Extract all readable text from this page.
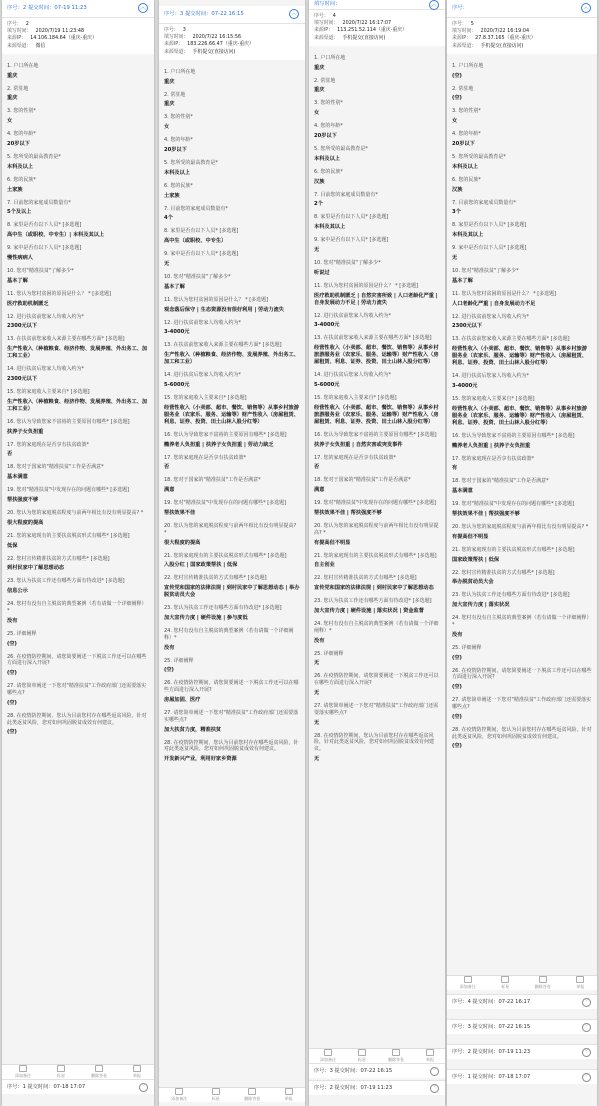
序号：2 提交时间：07-19 11:23	︿
序号： 2
填写时间： 2020/7/19 11:23:48
来源IP： 14.106.184.64（重庆-重庆）
来源渠道： 微信
1. 户口所在地
重庆
2. 常驻地
重庆
3. 您的性别*
女
4. 您的年龄*
20岁以下
5. 您所受的最高教育是*
本科及以上
6. 您的民族*
土家族
7. 目前您的家庭成员数量有*
5个及以上
8. 家里是否有以下人员* [多选题]
高中生（或职校、中专生）| 本科及其以上
9. 家中是否有以下人员* [多选题]
慢性病病人
10. 您对"精准扶贫"了解多少*
基本了解
11. 您认为您村贫困的原因是什么？ * [多选题]
医疗救助机制匮乏
12. 进行扶贫前您家人均收入约为*
2300元以下
13. 在扶贫前您家收入来源主要在哪些方面* [多选题]
生产性收入（种植粮食、经济作物、发展养殖、外出务工、加工和工业）
14. 进行扶贫后您家人均收入约为*
2300元以下
15. 您的家庭收入主要来自* [多选题]
生产性收入（种植粮食、经济作物、发展养殖、外出务工、加工和工业）
16. 您认为导致您家不富裕的主要原因有哪些* [多选题]
扶养子女负担重
17. 您的家庭现在是否享有扶贫政策*
否
18. 您对于国家的"精准扶贫"工作是否满意*
基本满意
19. 您对"精准扶贫"中发现存在的问题有哪些* [多选题]
帮扶强度不够
20. 您认为您的家庭脱贫程度与前两年相比有没有明显提高? *
很大程度的提高
21. 您的家庭现有的主要扶贫脱贫形式有哪些* [多选题]
低保
22. 您村宣传精准扶贫的方式有哪些* [多选题]
到村民家中了解思想动态
23. 您认为扶贫工作还有哪些方面有待改进* [多选题]
信息公示
24. 您村有没有自主脱贫的典型案例（若有请做一个详细阐释）*
没有
25. 详细阐释
(空)
26. 在疫情防控期间，请您简要阐述一下脱贫工作还可以在哪些方面进行深入开展?
(空)
27. 请您简单阐述一下您对"精准扶贫"工作政府部门还需要落实哪些点?
(空)
28. 在疫情防控期间，您认为目前您村存在哪些返贫风险，针对此类返贫风险，您对如何巩固脱贫成效有何建议。
(空)
添加备注	标星	删除答卷	举报
序号：1 提交时间：07-18 17:07	﹀
序号：3 提交时间：07-22 16:15	︿
序号： 3
填写时间： 2020/7/22 16:15:56
来源IP： 183.226.66.47（重庆-重庆）
来源渠道： 手机提交(直接访问)
1. 户口所在地
重庆
2. 常驻地
重庆
3. 您的性别*
女
4. 您的年龄*
20岁以下
5. 您所受的最高教育是*
本科及以上
6. 您的民族*
土家族
7. 目前您的家庭成员数量有*
4个
8. 家里是否有以下人员* [多选题]
高中生（或职校、中专生）
9. 家中是否有以下人员* [多选题]
无
10. 您对"精准扶贫"了解多少*
基本了解
11. 您认为您村贫困的原因是什么？ * [多选题]
观念落后保守 | 生态资源没有很好利用 | 劳动力流失
12. 进行扶贫前您家人均收入约为*
3-4000元
13. 在扶贫前您家收入来源主要在哪些方面* [多选题]
生产性收入（种植粮食、经济作物、发展养殖、外出务工、加工和工业）
14. 进行扶贫后您家人均收入约为*
5-6000元
15. 您的家庭收入主要来自* [多选题]
经营性收入（小卖部、超市、餐饮、销售等）从事乡村旅游服务业（农家乐、服务、运输等）财产性收入（房屋租赁、利息、证券、投资、田土山林入股分红等）
16. 您认为导致您家不富裕的主要原因有哪些* [多选题]
赡养老人负担重 | 扶养子女负担重 | 劳动力缺乏
17. 您的家庭现在是否享有扶贫政策*
否
18. 您对于国家的"精准扶贫"工作是否满意*
满意
19. 您对"精准扶贫"中发现存在的问题有哪些* [多选题]
帮扶效果不佳
20. 您认为您的家庭脱贫程度与前两年相比有没有明显提高? *
很大程度的提高
21. 您的家庭现有的主要扶贫脱贫形式有哪些* [多选题]
入股分红 | 国家政策帮扶 | 低保
22. 您村宣传精准扶贫的方式有哪些* [多选题]
宣传党和国家的法律法规 | 到村民家中了解思想动态 | 举办脱贫动员大会
23. 您认为扶贫工作还有哪些方面有待改进* [多选题]
加大宣传力度 | 硬件设施 | 参与度低
24. 您村有没有自主脱贫的典型案例（若有请做一个详细阐释）*
没有
25. 详细阐释
(空)
26. 在疫情防控期间，请您简要阐述一下脱贫工作还可以在哪些方面进行深入开展?
房屋加固、医疗
27. 请您简单阐述一下您对"精准扶贫"工作政府部门还需要落实哪些点?
加大扶贫力度，精准扶贫
28. 在疫情防控期间，您认为目前您村存在哪些返贫风险，针对此类返贫风险，您对如何巩固脱贫成效有何建议。
开发新兴产业，利用好家乡资源
添加备注	标星	删除答卷	举报
填写时间：	︿
序号： 4
填写时间： 2020/7/22 16:17:07
来源IP： 113.251.52.114（重庆-重庆）
来源渠道： 手机提交(直接访问)
1. 户口所在地
重庆
2. 常驻地
重庆
3. 您的性别*
女
4. 您的年龄*
20岁以下
5. 您所受的最高教育是*
本科及以上
6. 您的民族*
汉族
7. 目前您的家庭成员数量有*
2个
8. 家里是否有以下人员* [多选题]
本科及其以上
9. 家中是否有以下人员* [多选题]
无
10. 您对"精准扶贫"了解多少*
听说过
11. 您认为您村贫困的原因是什么？ * [多选题]
医疗救助机制匮乏 | 自然灾害所致 | 人口老龄化严重 | 自身发展动力不足 | 劳动力流失
12. 进行扶贫前您家人均收入约为*
3-4000元
13. 在扶贫前您家收入来源主要在哪些方面* [多选题]
经营性收入（小卖部、超市、餐饮、销售等）从事乡村旅游服务业（农家乐、服务、运输等）财产性收入（房屋租赁、利息、证券、投资、田土山林入股分红等）
14. 进行扶贫后您家人均收入约为*
5-6000元
15. 您的家庭收入主要来自* [多选题]
经营性收入（小卖部、超市、餐饮、销售等）从事乡村旅游服务业（农家乐、服务、运输等）财产性收入（房屋租赁、利息、证券、投资、田土山林入股分红等）
16. 您认为导致您家不富裕的主要原因有哪些* [多选题]
扶养子女负担重 | 自然灾害或突发事件
17. 您的家庭现在是否享有扶贫政策*
否
18. 您对于国家的"精准扶贫"工作是否满意*
满意
19. 您对"精准扶贫"中发现存在的问题有哪些* [多选题]
帮扶效果不佳 | 帮扶强度不够
20. 您认为您的家庭脱贫程度与前两年相比有没有明显提高? *
有提高但不明显
21. 您的家庭现有的主要扶贫脱贫形式有哪些* [多选题]
自主创业
22. 您村宣传精准扶贫的方式有哪些* [多选题]
宣传党和国家的法律法规 | 到村民家中了解思想动态
23. 您认为扶贫工作还有哪些方面有待改进* [多选题]
加大宣传力度 | 硬件设施 | 落实状况 | 资金监督
24. 您村有没有自主脱贫的典型案例（若有请做一个详细阐释）*
没有
25. 详细阐释
无
26. 在疫情防控期间，请您简要阐述一下脱贫工作还可以在哪些方面进行深入开展?
无
27. 请您简单阐述一下您对"精准扶贫"工作政府部门还需要落实哪些点?
无
28. 在疫情防控期间，您认为目前您村存在哪些返贫风险，针对此类返贫风险，您对如何巩固脱贫成效有何建议。
无
添加备注	标星	删除答卷	举报
序号：3 提交时间：07-22 16:15	﹀
序号：2 提交时间：07-19 11:23	﹀
序号：	︿
序号： 5
填写时间： 2020/7/22 16:19:04
来源IP： 27.8.37.165（重庆-重庆）
来源渠道： 手机提交(直接访问)
1. 户口所在地
(空)
2. 常驻地
(空)
3. 您的性别*
女
4. 您的年龄*
20岁以下
5. 您所受的最高教育是*
本科及以上
6. 您的民族*
汉族
7. 目前您的家庭成员数量有*
3个
8. 家里是否有以下人员* [多选题]
本科及其以上
9. 家中是否有以下人员* [多选题]
无
10. 您对"精准扶贫"了解多少*
基本了解
11. 您认为您村贫困的原因是什么？ * [多选题]
人口老龄化严重 | 自身发展动力不足
12. 进行扶贫前您家人均收入约为*
2300元以下
13. 在扶贫前您家收入来源主要在哪些方面* [多选题]
经营性收入（小卖部、超市、餐饮、销售等）从事乡村旅游服务业（农家乐、服务、运输等）财产性收入（房屋租赁、利息、证券、投资、田土山林入股分红等）
14. 进行扶贫后您家人均收入约为*
3-4000元
15. 您的家庭收入主要来自* [多选题]
经营性收入（小卖部、超市、餐饮、销售等）从事乡村旅游服务业（农家乐、服务、运输等）财产性收入（房屋租赁、利息、证券、投资、田土山林入股分红等）
16. 您认为导致您家不富裕的主要原因有哪些* [多选题]
赡养老人负担重 | 扶养子女负担重
17. 您的家庭现在是否享有扶贫政策*
有
18. 您对于国家的"精准扶贫"工作是否满意*
基本满意
19. 您对"精准扶贫"中发现存在的问题有哪些* [多选题]
帮扶效果不佳 | 帮扶强度不够
20. 您认为您的家庭脱贫程度与前两年相比有没有明显提高? *
有提高但不明显
21. 您的家庭现有的主要扶贫脱贫形式有哪些* [多选题]
国家政策帮扶 | 低保
22. 您村宣传精准扶贫的方式有哪些* [多选题]
举办脱贫动员大会
23. 您认为扶贫工作还有哪些方面有待改进* [多选题]
加大宣传力度 | 落实状况
24. 您村有没有自主脱贫的典型案例（若有请做一个详细阐释）*
没有
25. 详细阐释
(空)
26. 在疫情防控期间，请您简要阐述一下脱贫工作还可以在哪些方面进行深入开展?
(空)
27. 请您简单阐述一下您对"精准扶贫"工作政府部门还需要落实哪些点?
(空)
28. 在疫情防控期间，您认为目前您村存在哪些返贫风险，针对此类返贫风险，您对如何巩固脱贫成效有何建议。
(空)
添加备注	标星	删除答卷	举报
序号：4 提交时间：07-22 16:17	﹀
序号：3 提交时间：07-22 16:15	﹀
序号：2 提交时间：07-19 11:23	﹀
序号：1 提交时间：07-18 17:07	﹀
